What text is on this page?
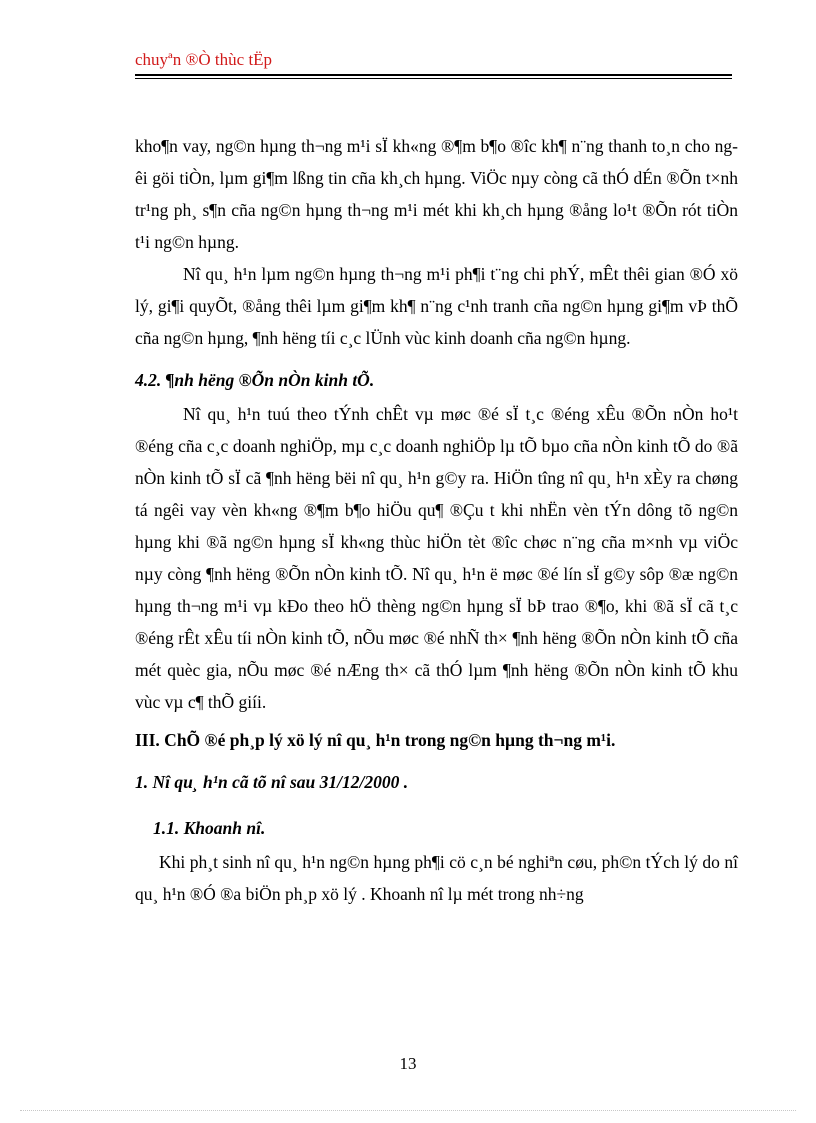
chuyªn ®Ò thùc tËp

kho¶n vay, ng©n hµng th¬ng m¹i sÏ kh«ng ®¶m b¶o ®îc kh¶ n¨ng thanh to¸n cho ngêi göi tiÒn, lµm gi¶m lßng tin cña kh¸ch hµng. ViÖc nµy còng cã thÓ dÉn ®Õn t×nh tr¹ng ph¸ s¶n cña ng©n hµng th¬ng m¹i mét khi kh¸ch hµng ®ång lo¹t ®Õn rót tiÒn t¹i ng©n hµng.

Nî qu¸ h¹n lµm ng©n hµng th¬ng m¹i ph¶i t¨ng chi phÝ, mÊt thêi gian ®Ó xö lý, gi¶i quyÕt, ®ång thêi lµm gi¶m kh¶ n¨ng c¹nh tranh cña ng©n hµng gi¶m vÞ thÕ cña ng©n hµng, ¶nh hëng tíi c¸c lÜnh vùc kinh doanh cña ng©n hµng.

4.2. ¶nh hëng ®Õn nÒn kinh tÕ.

Nî qu¸ h¹n tuú theo tÝnh chÊt vµ møc ®é sÏ t¸c ®éng xÊu ®Õn nÒn ho¹t ®éng cña c¸c doanh nghiÖp, mµ c¸c doanh nghiÖp lµ tÕ bµo cña nÒn kinh tÕ do ®ã nÒn kinh tÕ sÏ cã ¶nh hëng bëi nî qu¸ h¹n g©y ra. HiÖn tîng nî qu¸ h¹n xÈy ra chøng tá ngêi vay vèn kh«ng ®¶m b¶o hiÖu qu¶ ®Çu t khi nhËn vèn tÝn dông tõ ng©n hµng khi ®ã ng©n hµng sÏ kh«ng thùc hiÖn tèt ®îc chøc n¨ng cña m×nh vµ viÖc nµy còng ¶nh hëng ®Õn nÒn kinh tÕ. Nî qu¸ h¹n ë møc ®é lín sÏ g©y sôp ®æ ng©n hµng th¬ng m¹i vµ kÐo theo hÖ thèng ng©n hµng sÏ bÞ trao ®¶o, khi ®ã sÏ cã t¸c ®éng rÊt xÊu tíi nÒn kinh tÕ, nÕu møc ®é nhÑ th× ¶nh hëng ®Õn nÒn kinh tÕ cña mét quèc gia, nÕu møc ®é nÆng th× cã thÓ lµm ¶nh hëng ®Õn nÒn kinh tÕ khu vùc vµ c¶ thÕ giíi.

III. ChÕ ®é ph¸p lý xö lý nî qu¸ h¹n trong ng©n hµng th¬ng m¹i.

1. Nî qu¸ h¹n cã tõ nî sau 31/12/2000 .

1.1. Khoanh nî.

Khi ph¸t sinh nî qu¸ h¹n ng©n hµng ph¶i cö c¸n bé nghiªn cøu, ph©n tÝch lý do nî qu¸ h¹n ®Ó ®a biÖn ph¸p xö lý . Khoanh nî lµ mét trong nh÷ng

13
